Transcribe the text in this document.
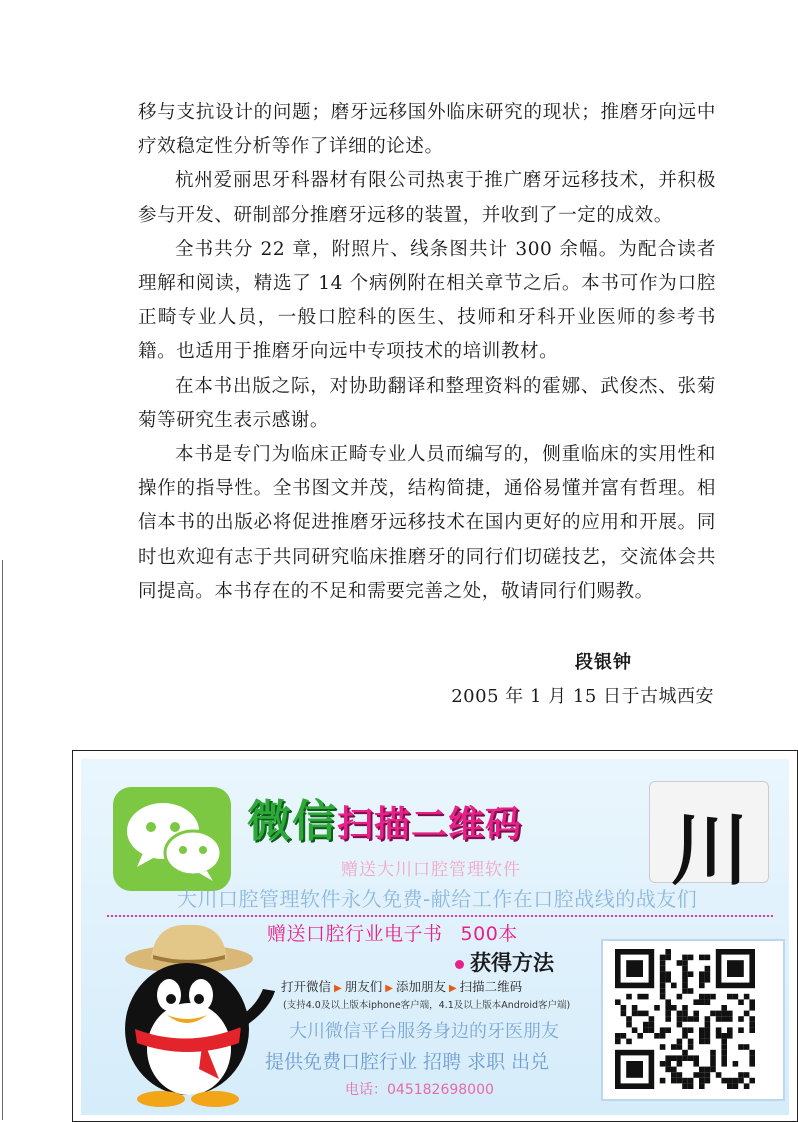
移与支抗设计的问题；磨牙远移国外临床研究的现状；推磨牙向远中疗效稳定性分析等作了详细的论述。

杭州爱丽思牙科器材有限公司热衷于推广磨牙远移技术，并积极参与开发、研制部分推磨牙远移的装置，并收到了一定的成效。

全书共分 22 章，附照片、线条图共计 300 余幅。为配合读者理解和阅读，精选了 14 个病例附在相关章节之后。本书可作为口腔正畸专业人员，一般口腔科的医生、技师和牙科开业医师的参考书籍。也适用于推磨牙向远中专项技术的培训教材。

在本书出版之际，对协助翻译和整理资料的霍娜、武俊杰、张菊菊等研究生表示感谢。

本书是专门为临床正畸专业人员而编写的，侧重临床的实用性和操作的指导性。全书图文并茂，结构简捷，通俗易懂并富有哲理。相信本书的出版必将促进推磨牙远移技术在国内更好的应用和开展。同时也欢迎有志于共同研究临床推磨牙的同行们切磋技艺，交流体会共同提高。本书存在的不足和需要完善之处，敬请同行们赐教。

段银钟
2005 年 1 月 15 日于古城西安
微信扫描二维码 川
赠送大川口腔管理软件
大川口腔管理软件永久免费-献给工作在口腔战线的战友们
赠送口腔行业电子书 500本
获得方法
打开微信 ▶ 朋友们 ▶ 添加朋友 ▶ 扫描二维码
(支持4.0及以上版本iphone客户端，4.1及以上版本Android客户端)
大川微信平台服务身边的牙医朋友
提供免费口腔行业 招聘 求职 出兑
电话：045182698000
